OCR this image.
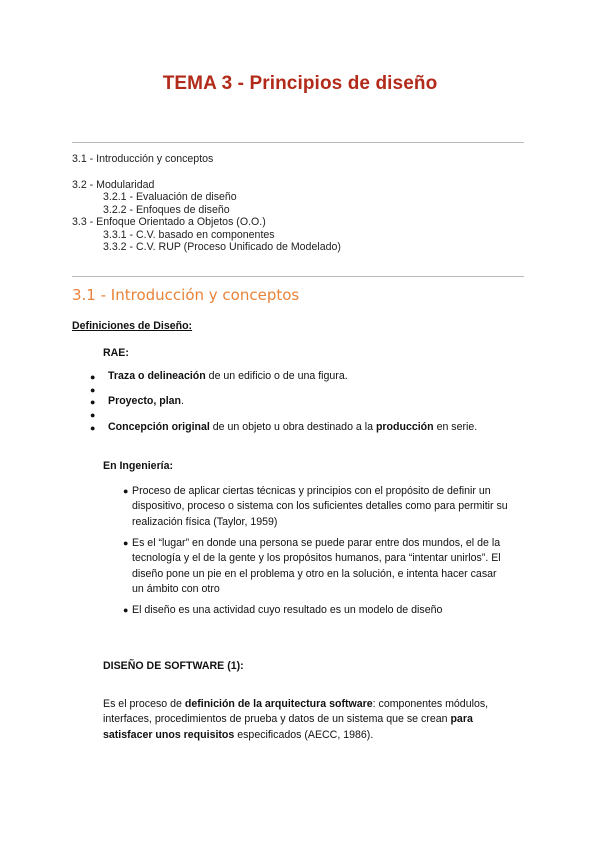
TEMA 3 - Principios de diseño
3.1 - Introducción y conceptos
3.2 - Modularidad
3.2.1 - Evaluación de diseño
3.2.2 - Enfoques de diseño
3.3 - Enfoque Orientado a Objetos (O.O.)
3.3.1 - C.V. basado en componentes
3.3.2 - C.V. RUP (Proceso Unificado de Modelado)
3.1 - Introducción y conceptos
Definiciones de Diseño:
RAE:
● Traza o delineación de un edificio o de una figura.
●
● Proyecto, plan.
●
● Concepción original de un objeto u obra destinado a la producción en serie.
En Ingeniería:
● Proceso de aplicar ciertas técnicas y principios con el propósito de definir un
dispositivo, proceso o sistema con los suficientes detalles como para permitir su
realización física (Taylor, 1959)
● Es el “lugar” en donde una persona se puede parar entre dos mundos, el de la
tecnología y el de la gente y los propósitos humanos, para “intentar unirlos”. El
diseño pone un pie en el problema y otro en la solución, e intenta hacer casar
un ámbito con otro
● El diseño es una actividad cuyo resultado es un modelo de diseño
DISEÑO DE SOFTWARE (1):
Es el proceso de definición de la arquitectura software: componentes módulos,
interfaces, procedimientos de prueba y datos de un sistema que se crean para
satisfacer unos requisitos especificados (AECC, 1986).
